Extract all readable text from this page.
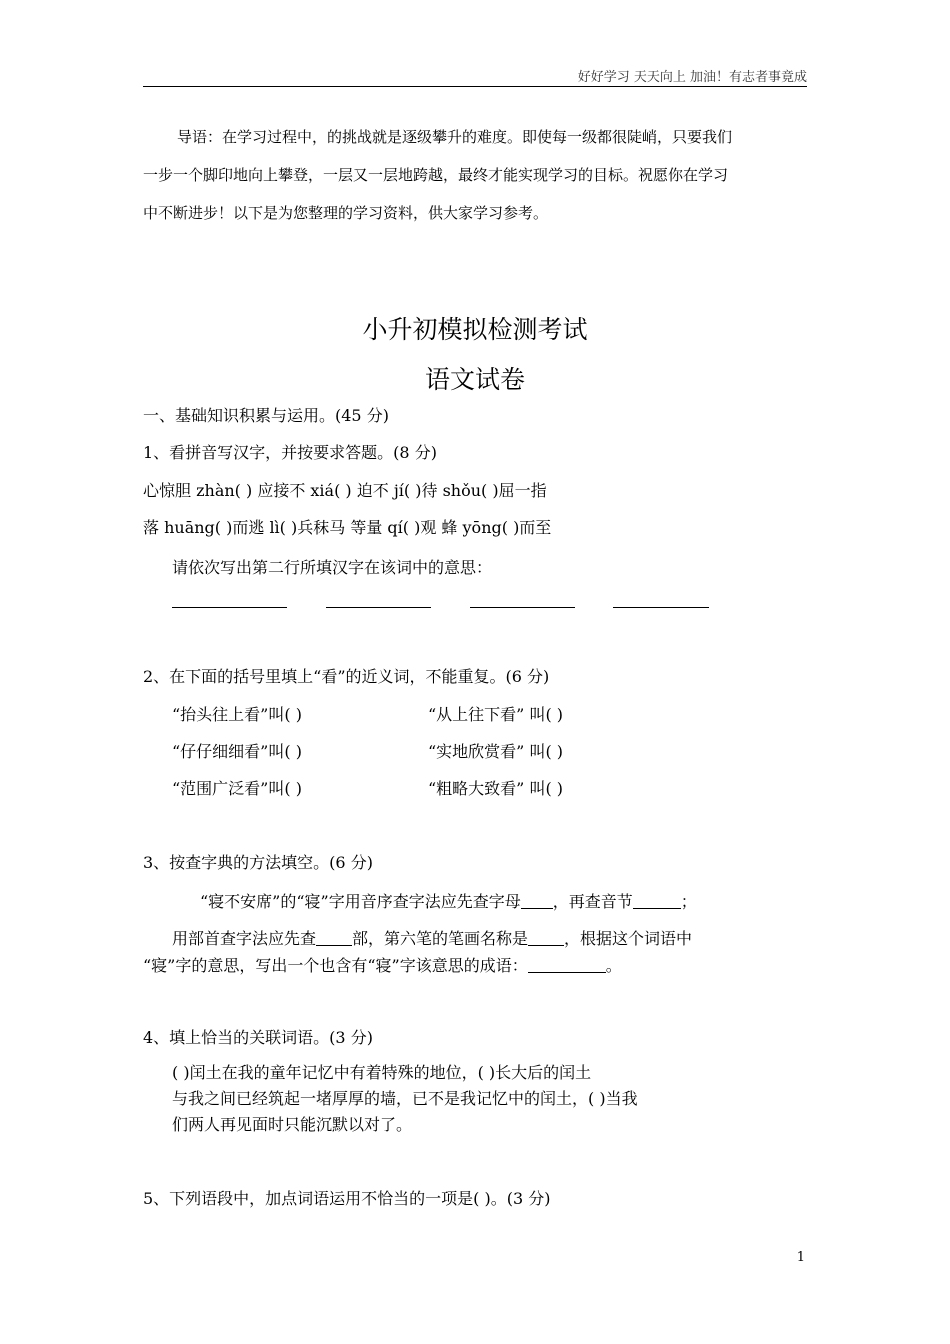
好好学习 天天向上 加油！有志者事竟成

导语：在学习过程中，的挑战就是逐级攀升的难度。即使每一级都很陡峭，只要我们

一步一个脚印地向上攀登，一层又一层地跨越，最终才能实现学习的目标。祝愿你在学习

中不断进步！以下是为您整理的学习资料，供大家学习参考。

小升初模拟检测考试
语文试卷
一、基础知识积累与运用。(45 分)
1、看拼音写汉字，并按要求答题。(8 分)
心惊胆 zhàn( ) 应接不 xiá( ) 迫不 jí( )待 shǒu( )屈一指
落 huāng( )而逃 lì( )兵秣马 等量 qí( )观 蜂 yōng( )而至
请依次写出第二行所填汉字在该词中的意思：
2、在下面的括号里填上“看”的近义词，不能重复。(6 分)
“抬头往上看”叫( )	“从上往下看” 叫( )
“仔仔细细看”叫( )	“实地欣赏看” 叫( )
“范围广泛看”叫( )	“粗略大致看” 叫( )
3、按查字典的方法填空。(6 分)
“寝不安席”的“寝”字用音序查字法应先查字母 ，再查音节	；
用部首查字法应先查 部，第六笔的笔画名称是 ，根据这个词语中
“寝”字的意思，写出一个也含有“寝”字该意思的成语：	。
4、填上恰当的关联词语。(3 分)
( )闰土在我的童年记忆中有着特殊的地位，( )长大后的闰土
与我之间已经筑起一堵厚厚的墙，已不是我记忆中的闰土，( )当我
们两人再见面时只能沉默以对了。
5、下列语段中，加点词语运用不恰当的一项是( )。(3 分)
1
